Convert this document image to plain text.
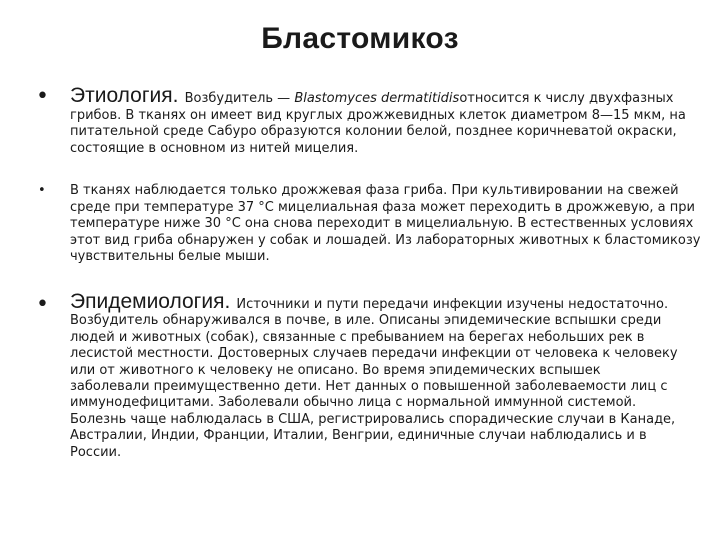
Бластомикоз
• Этиология. Возбудитель — Blastomyces dermatitidisотносится к числу двухфазных грибов. В тканях он имеет вид круглых дрожжевидных клеток диаметром 8—15 мкм, на питательной среде Сабуро образуются колонии белой, позднее коричневатой окраски, состоящие в основном из нитей мицелия.
• В тканях наблюдается только дрожжевая фаза гриба. При культивировании на свежей среде при температуре 37 °С мицелиальная фаза может переходить в дрожжевую, а при температуре ниже 30 °С она снова переходит в мицелиальную. В естественных условиях этот вид гриба обнаружен у собак и лошадей. Из лабораторных животных к бластомикозу чувствительны белые мыши.
• Эпидемиология. Источники и пути передачи инфекции изучены недостаточно. Возбудитель обнаруживался в почве, в иле. Описаны эпидемические вспышки среди людей и животных (собак), связанные с пребыванием на берегах небольших рек в лесистой местности. Достоверных случаев передачи инфекции от человека к человеку или от животного к человеку не описано. Во время эпидемических вспышек заболевали преимущественно дети. Нет данных о повышенной заболеваемости лиц с иммунодефицитами. Заболевали обычно лица с нормальной иммунной системой. Болезнь чаще наблюдалась в США, регистрировались спорадические случаи в Канаде, Австралии, Индии, Франции, Италии, Венгрии, единичные случаи наблюдались и в России.
